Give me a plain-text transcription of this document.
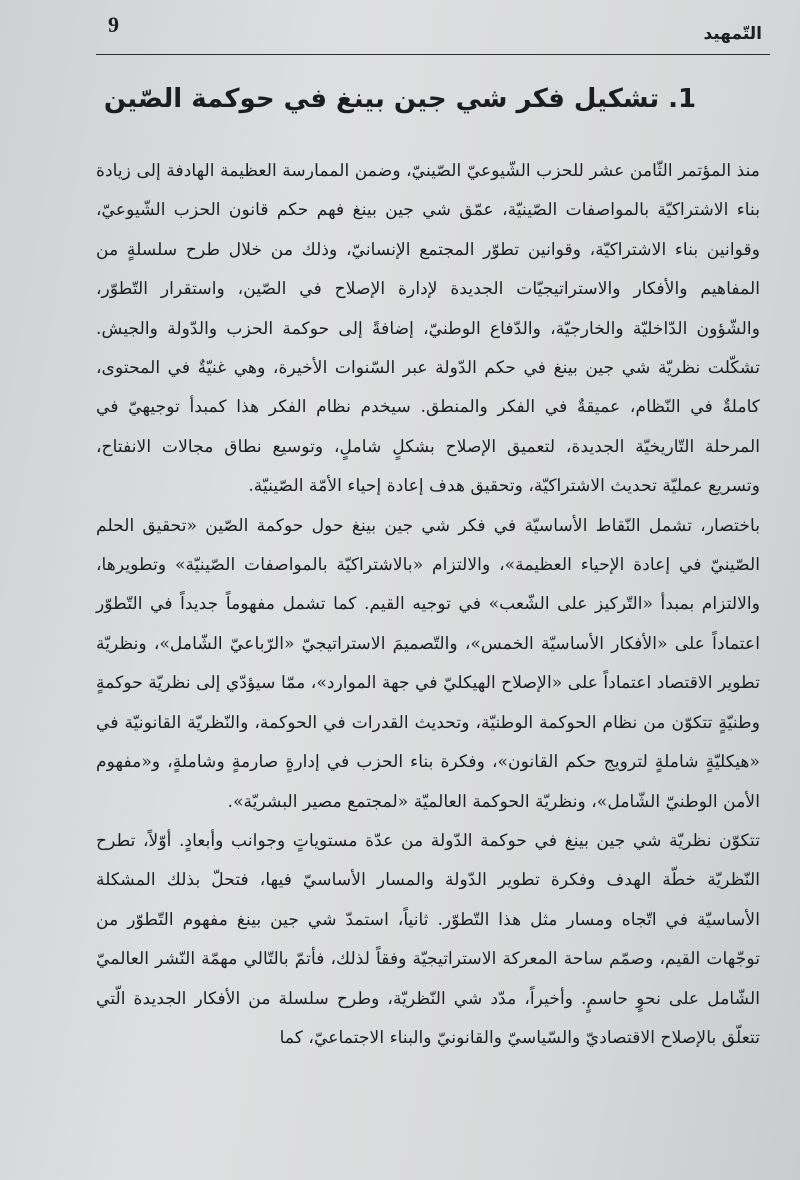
9	التّمهيد
1. تشكيل فكر شي جين بينغ في حوكمة الصّين

منذ المؤتمر الثّامن عشر للحزب الشّيوعيّ الصّينيّ، وضمن الممارسة العظيمة الهادفة إلى زيادة بناء الاشتراكيّة بالمواصفات الصّينيّة، عمّق شي جين بينغ فهم حكم قانون الحزب الشّيوعيّ، وقوانين بناء الاشتراكيّة، وقوانين تطوّر المجتمع الإنسانيّ، وذلك من خلال طرح سلسلةٍ من المفاهيم والأفكار والاستراتيجيّات الجديدة لإدارة الإصلاح في الصّين، واستقرار التّطوّر، والشّؤون الدّاخليّة والخارجيّة، والدّفاع الوطنيّ، إضافةً إلى حوكمة الحزب والدّولة والجيش. تشكّلت نظريّة شي جين بينغ في حكم الدّولة عبر السّنوات الأخيرة، وهي غنيّةٌ في المحتوى، كاملةٌ في النّظام، عميقةٌ في الفكر والمنطق. سيخدم نظام الفكر هذا كمبدأ توجيهيّ في المرحلة التّاريخيّة الجديدة، لتعميق الإصلاح بشكلٍ شاملٍ، وتوسيع نطاق مجالات الانفتاح، وتسريع عمليّة تحديث الاشتراكيّة، وتحقيق هدف إعادة إحياء الأمّة الصّينيّة.

باختصار، تشمل النّقاط الأساسيّة في فكر شي جين بينغ حول حوكمة الصّين «تحقيق الحلم الصّينيّ في إعادة الإحياء العظيمة»، والالتزام «بالاشتراكيّة بالمواصفات الصّينيّة» وتطويرها، والالتزام بمبدأ «التّركيز على الشّعب» في توجيه القيم. كما تشمل مفهوماً جديداً في التّطوّر اعتماداً على «الأفكار الأساسيّة الخمس»، والتّصميمَ الاستراتيجيّ «الرّباعيّ الشّامل»، ونظريّة تطوير الاقتصاد اعتماداً على «الإصلاح الهيكليّ في جهة الموارد»، ممّا سيؤدّي إلى نظريّة حوكمةٍ وطنيّةٍ تتكوّن من نظام الحوكمة الوطنيّة، وتحديث القدرات في الحوكمة، والنّظريّة القانونيّة في «هيكليّةٍ شاملةٍ لترويج حكم القانون»، وفكرة بناء الحزب في إدارةٍ صارمةٍ وشاملةٍ، و«مفهوم الأمن الوطنيّ الشّامل»، ونظريّة الحوكمة العالميّة «لمجتمع مصير البشريّة».

تتكوّن نظريّة شي جين بينغ في حوكمة الدّولة من عدّة مستوياتٍ وجوانب وأبعادٍ. أوّلاً، تطرح النّظريّة خطّة الهدف وفكرة تطوير الدّولة والمسار الأساسيّ فيها، فتحلّ بذلك المشكلة الأساسيّة في اتّجاه ومسار مثل هذا التّطوّر. ثانياً، استمدّ شي جين بينغ مفهوم التّطوّر من توجّهات القيم، وصمّم ساحة المعركة الاستراتيجيّة وفقاً لذلك، فأتمّ بالتّالي مهمّة النّشر العالميّ الشّامل على نحوٍ حاسمٍ. وأخيراً، مدّد شي النّظريّة، وطرح سلسلة من الأفكار الجديدة الّتي تتعلّق بالإصلاح الاقتصاديّ والسّياسيّ والقانونيّ والبناء الاجتماعيّ، كما
